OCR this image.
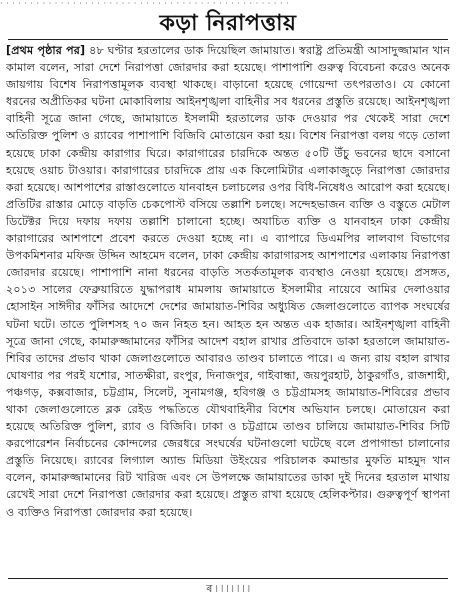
· · · · · · · · · · · · · · · · · · · · · · · · · · · · · · · · · · · · · · · · · · · · · · · ·
কড়া নিরাপত্তায়
[প্রথম পৃষ্ঠার পর] ৪৮ ঘণ্টার হরতালের ডাক দিয়েছিল জামায়াত। স্বরাষ্ট্র প্রতিমন্ত্রী আসাদুজ্জামান খান কামাল বলেন, সারা দেশে নিরাপত্তা জোরদার করা হয়েছে। পাশাপাশি গুরুত্ব বিবেচনা করেও অনেক জায়গায় বিশেষ নিরাপত্তামূলক ব্যবস্থা থাকছে। বাড়ানো হয়েছে গোয়েন্দা তৎপরতাও। যে কোনো ধরনের অপ্রীতিকর ঘটনা মোকাবিলায় আইনশৃঙ্খলা বাহিনীর সব ধরনের প্রস্তুতি রয়েছে। আইনশৃঙ্খলা বাহিনী সূত্রে জানা গেছে, জামায়াতে ইসলামী হরতালের ডাক দেওয়ার পর থেকেই সারা দেশে অতিরিক্ত পুলিশ ও র‌্যাবের পাশাপাশি বিজিবি মোতায়েন করা হয়। বিশেষ নিরাপত্তা বলয় গড়ে তোলা হয়েছে ঢাকা কেন্দ্রীয় কারাগার ঘিরে। কারাগারের চারদিকে অন্তত ৫০টি উঁচু ভবনের ছাদে বসানো হয়েছে ওয়াচ টাওয়ার। কারাগারের চারদিকে প্রায় এক কিলোমিটার এলাকাজুড়ে নিরাপত্তা জোরদার করা হয়েছে। আশপাশের রাস্তাগুলোতে যানবাহন চলাচলের ওপর বিধি-নিষেধও আরোপ করা হয়েছে। প্রতিটির রাস্তার মোড়ে বাড়তি চেকপোস্ট বসিয়ে তল্লাশি চলছে। সন্দেহভাজন ব্যক্তি ও বস্তুতে মেটাল ডিটেক্টর দিয়ে দফায় দফায় তল্লাশি চালানো হচ্ছে। অযাচিত ব্যক্তি ও যানবাহন ঢাকা কেন্দ্রীয় কারাগারের আশপাশে প্রবেশ করতে দেওয়া হচ্ছে না। এ ব্যাপারে ডিএমপির লালবাগ বিভাগের উপকমিশনার মফিজ উদ্দিন আহমেদ বলেন, ঢাকা কেন্দ্রীয় কারাগারসহ আশপাশের এলাকায় নিরাপত্তা জোরদার রয়েছে। পাশাপাশি নানা ধরনের বাড়তি সতর্কতামূলক ব্যবস্থাও নেওয়া হয়েছে। প্রসঙ্গত, ২০১৩ সালের ফেব্রুয়ারিতে যুদ্ধাপরাধ মামলায় জামায়াতে ইসলামীর নায়েবে আমির দেলাওয়ার হোসাইন সাঈদীর ফাঁসির আদেশে দেশের জামায়াত-শিবির অধ্যুষিত জেলাগুলোতে ব্যাপক সংঘর্ষের ঘটনা ঘটে। তাতে পুলিশসহ ৭০ জন নিহত হন। আহত হন অন্তত এক হাজার। আইনশৃঙ্খলা বাহিনী সূত্রে জানা গেছে, কামারুজ্জামানের ফাঁসির আদেশ বহাল রাখার প্রতিবাদে ডাকা হরতালে জামায়াত-শিবির তাদের প্রভাব থাকা জেলাগুলোতে আবারও তাণ্ডব চালাতে পারে। এ জন্য রায় বহাল রাখার ঘোষণার পর পরই যশোর, সাতক্ষীরা, রংপুর, দিনাজপুর, গাইবান্ধা, জয়পুরহাট, ঠাকুরগাঁও, রাজশাহী, পঞ্চগড়, কক্সবাজার, চট্টগ্রাম, সিলেট, সুনামগঞ্জ, হবিগঞ্জ ও চট্টগ্রামসহ জামায়াত-শিবিরের প্রভাব থাকা জেলাগুলোতে ব্লক রেইড পদ্ধতিতে যৌথবাহিনীর বিশেষ অভিযান চলছে। মোতায়েন করা হয়েছে অতিরিক্ত পুলিশ, র‌্যাব ও বিজিবি। ঢাকা ও চট্টগ্রামে তাণ্ডব চালিয়ে জামায়াত-শিবির সিটি করপোরেশন নির্বাচনের কোন্দলের জেরধরে সংঘর্ষের ঘটনাগুলো ঘটেছে বলে প্রপাগান্ডা চালানোর প্রস্তুতি নিয়েছে। র‌্যাবের লিগ্যাল অ্যান্ড মিডিয়া উইংয়ের পরিচালক কমান্ডার মুফতি মাহমুদ খান বলেন, কামারুজ্জামানের রিট খারিজ এবং সে উপলক্ষে জামায়াতের ডাকা দুই দিনের হরতাল মাথায় রেখেই সারা দেশে নিরাপত্তা জোরদার করা হয়েছে। প্রস্তুত রাখা হয়েছে হেলিকপ্টার। গুরুত্বপূর্ণ স্থাপনা ও ব্যক্তিও নিরাপত্তা জোরদার করা হয়েছে।
ৰ ৷ ৷ ৷ ৷ ৷ ৷ ৷
